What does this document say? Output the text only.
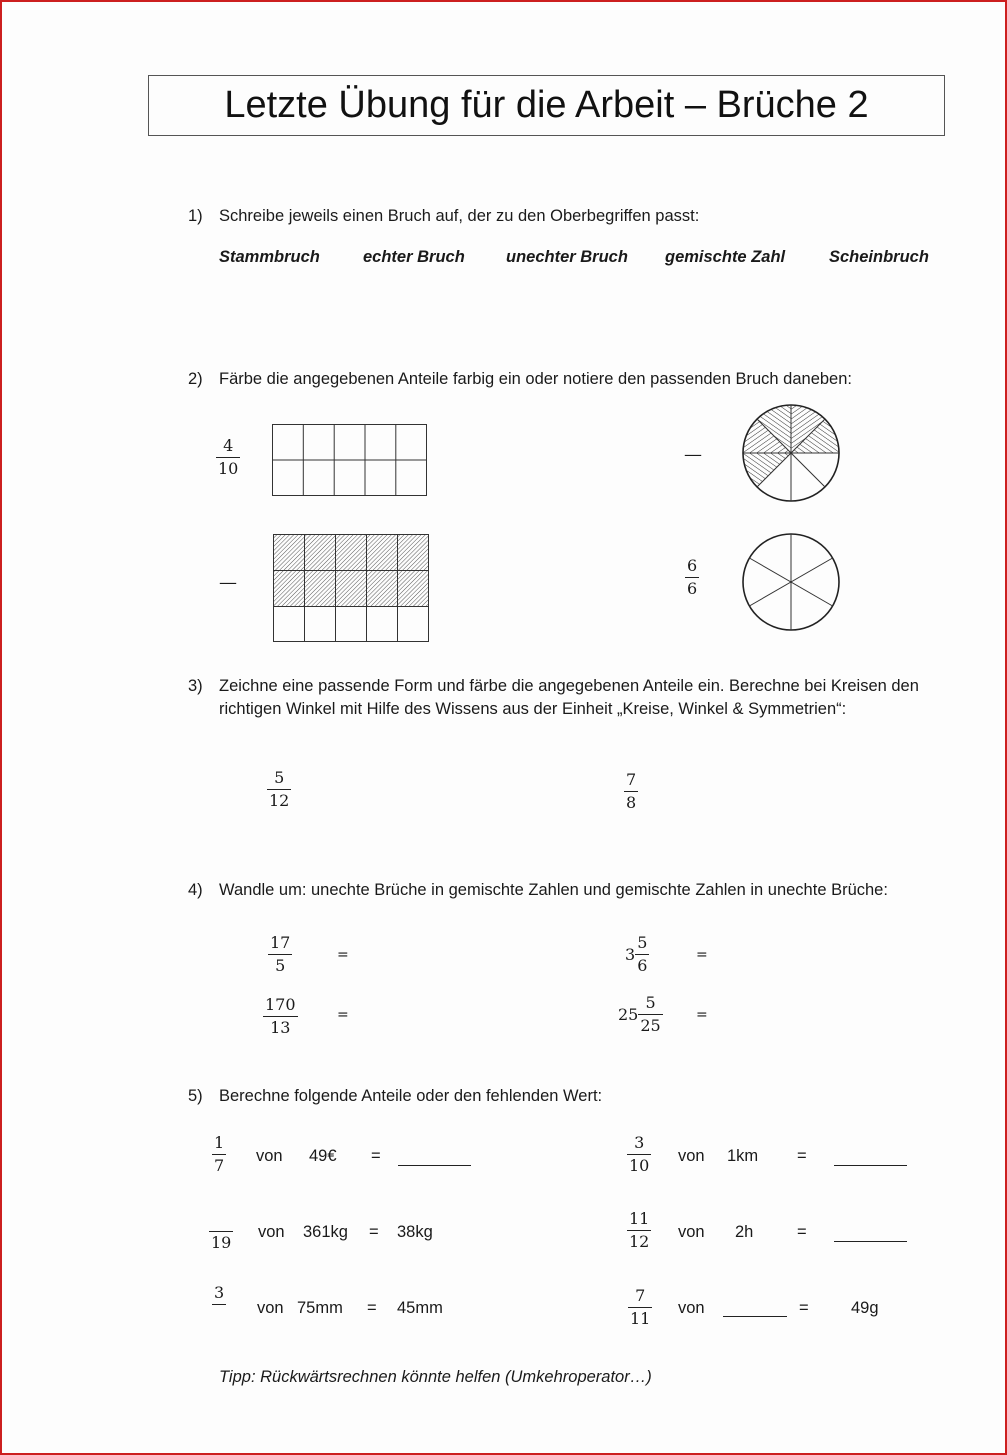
Letzte Übung für die Arbeit – Brüche 2
1) Schreibe jeweils einen Bruch auf, der zu den Oberbegriffen passt:
Stammbruch	echter Bruch unechter Bruch gemischte Zahl	Scheinbruch
2) Färbe die angegebenen Anteile farbig ein oder notiere den passenden Bruch daneben:
4
10
—
—
6
6
3) Zeichne eine passende Form und färbe die angegebenen Anteile ein. Berechne bei Kreisen den
richtigen Winkel mit Hilfe des Wissens aus der Einheit „Kreise, Winkel & Symmetrien“:
5
12
7
8
4) Wandle um: unechte Brüche in gemischte Zahlen und gemischte Zahlen in unechte Brüche:
17
5
=	$3 \frac{5}{6}$	=
170
13
=	$25 \frac{5}{25}$ =
5) Berechne folgende Anteile oder den fehlenden Wert:
1
7
von 49€ =
3
10
von 1km =
19
von 361kg = 38kg
11
12
von 2h	=
3
von 75mm = 45mm
7
11
von	=	49g
Tipp: Rückwärtsrechnen könnte helfen (Umkehroperator…)
